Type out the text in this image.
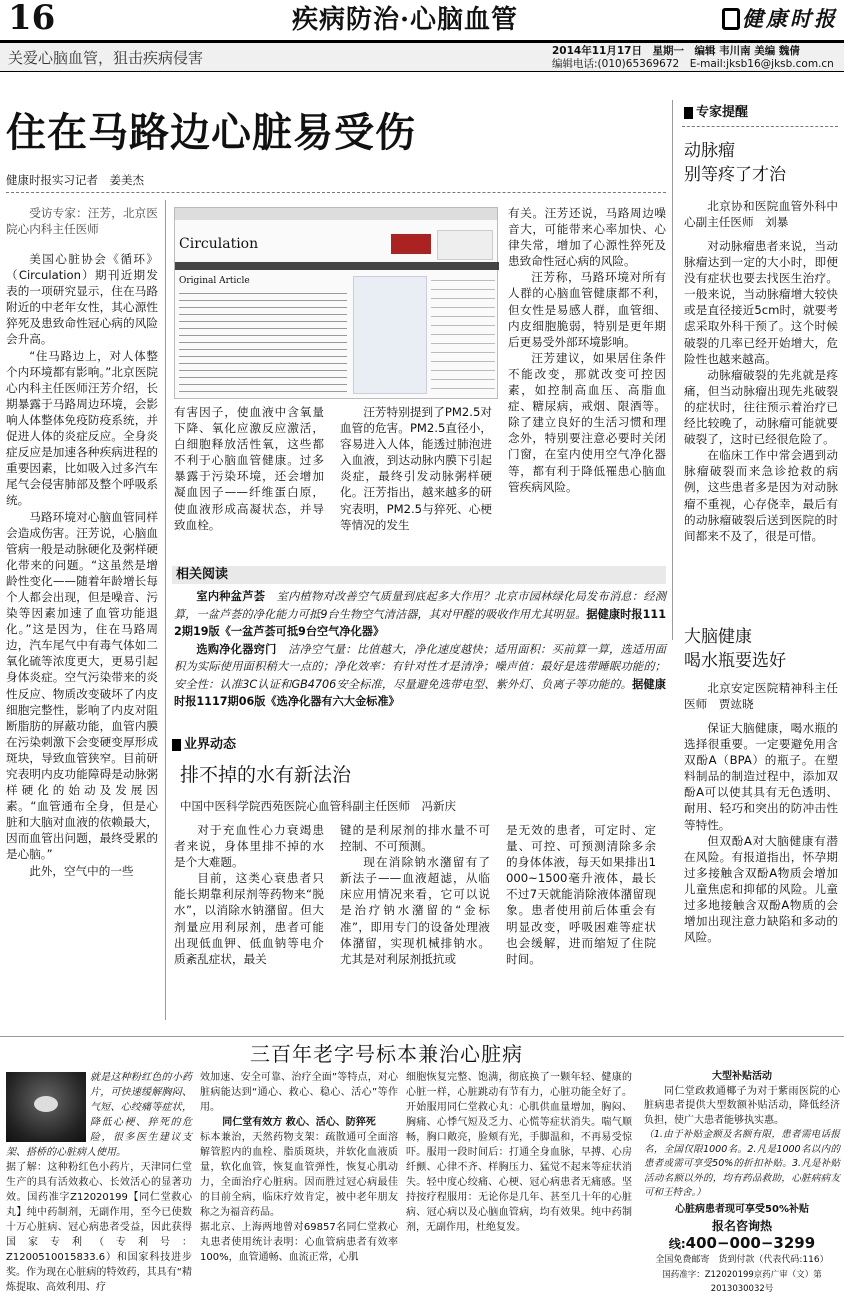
16	疾病防治·心脑血管	健康时报
关爱心脑血管，狙击疾病侵害	2014年11月17日　星期一　编辑 韦川南 美编 魏倩
编辑电话:(010)65369672　E-mail:jksb16@jksb.com.cn
住在马路边心脏易受伤
健康时报实习记者　姜美杰

受访专家：汪芳，北京医院心内科主任医师

美国心脏协会《循环》（Circulation）期刊近期发表的一项研究显示，住在马路附近的中老年女性，其心源性猝死及患致命性冠心病的风险会升高。

“住马路边上，对人体整个内环境都有影响。”北京医院心内科主任医师汪芳介绍，长期暴露于马路周边环境，会影响人体整体免疫防疫系统，并促进人体的炎症反应。全身炎症反应是加速各种疾病进程的重要因素，比如吸入过多汽车尾气会侵害肺部及整个呼吸系统。

马路环境对心脑血管同样会造成伤害。汪芳说，心脑血管病一般是动脉硬化及粥样硬化带来的问题。“这虽然是增龄性变化——随着年龄增长每个人都会出现，但是噪音、污染等因素加速了血管功能退化。”这是因为，住在马路周边，汽车尾气中有毒气体如二氧化硫等浓度更大，更易引起身体炎症。空气污染带来的炎性反应、物质改变破坏了内皮细胞完整性，影响了内皮对阻断脂肪的屏蔽功能，血管内膜在污染刺激下会变硬变厚形成斑块，导致血管狭窄。目前研究表明内皮功能障碍是动脉粥样硬化的始动及发展因素。“血管通布全身，但是心脏和大脑对血液的依赖最大，因而血管出问题，最终受累的是心脑。”

此外，空气中的一些

Circulation
Original Article

有害因子，使血液中含氧量下降、氧化应激反应激活，白细胞释放活性氧，这些都不利于心脑血管健康。过多暴露于污染环境，还会增加凝血因子——纤维蛋白原，使血液形成高凝状态，并导致血栓。

汪芳特别提到了PM2.5对血管的危害。PM2.5直径小，容易进入人体，能透过肺泡进入血液，到达动脉内膜下引起炎症，最终引发动脉粥样硬化。汪芳指出，越来越多的研究表明，PM2.5与猝死、心梗等情况的发生

有关。汪芳还说，马路周边噪音大，可能带来心率加快、心律失常，增加了心源性猝死及患致命性冠心病的风险。

汪芳称，马路环境对所有人群的心脑血管健康都不利，但女性是易感人群，血管细、内皮细胞脆弱，特别是更年期后更易受外部环境影响。

汪芳建议，如果居住条件不能改变，那就改变可控因素，如控制高血压、高脂血症、糖尿病，戒烟、限酒等。除了建立良好的生活习惯和理念外，特别要注意必要时关闭门窗，在室内使用空气净化器等，都有利于降低罹患心脑血管疾病风险。

相关阅读

室内种盆芦荟　 室内植物对改善空气质量到底起多大作用？北京市园林绿化局发布消息：经测算，一盆芦荟的净化能力可抵9台生物空气清洁器，其对甲醛的吸收作用尤其明显。据健康时报1112期19版《一盆芦荟可抵9台空气净化器》

选购净化器窍门　 洁净空气量：比值越大，净化速度越快；适用面积：买前算一算，选适用面积为实际使用面积稍大一点的；净化效率：有针对性才是清净；噪声值：最好是选带睡眠功能的；安全性：认准3C认证和GB4706安全标准，尽量避免选带电型、紫外灯、负离子等功能的。据健康时报1117期06版《选净化器有六大金标准》

业界动态
排不掉的水有新法治
中国中医科学院西苑医院心血管科副主任医师　冯新庆

对于充血性心力衰竭患者来说，身体里排不掉的水是个大难题。

目前，这类心衰患者只能长期靠利尿剂等药物来“脱水”，以消除水钠潴留。但大剂量应用利尿剂，患者可能出现低血钾、低血钠等电介质紊乱症状，最关

键的是利尿剂的排水量不可控制、不可预测。

现在消除钠水潴留有了新法子——血液超滤，从临床应用情况来看，它可以说是治疗钠水潴留的“金标准”，即用专门的设备处理液体潴留，实现机械排钠水。尤其是对利尿剂抵抗或

是无效的患者，可定时、定量、可控、可预测清除多余的身体体液，每天如果排出1000~1500毫升液体，最长不过7天就能消除液体潴留现象。患者使用前后体重会有明显改变，呼吸困难等症状也会缓解，进而缩短了住院时间。

专家提醒
动脉瘤
别等疼了才治

北京协和医院血管外科中心副主任医师　刘暴

对动脉瘤患者来说，当动脉瘤达到一定的大小时，即便没有症状也要去找医生治疗。一般来说，当动脉瘤增大较快或是直径接近5cm时，就要考虑采取外科干预了。这个时候破裂的几率已经开始增大，危险性也越来越高。

动脉瘤破裂的先兆就是疼痛，但当动脉瘤出现先兆破裂的症状时，往往预示着治疗已经比较晚了，动脉瘤可能就要破裂了，这时已经很危险了。

在临床工作中常会遇到动脉瘤破裂而来急诊抢救的病例，这些患者多是因为对动脉瘤不重视，心存侥幸，最后有的动脉瘤破裂后送到医院的时间都来不及了，很是可惜。

大脑健康
喝水瓶要选好

北京安定医院精神科主任医师　贾竑晓

保证大脑健康，喝水瓶的选择很重要。一定要避免用含双酚A（BPA）的瓶子。在塑料制品的制造过程中，添加双酚A可以使其具有无色透明、耐用、轻巧和突出的防冲击性等特性。

但双酚A对大脑健康有潜在风险。有报道指出，怀孕期过多接触含双酚A物质会增加儿童焦虑和抑郁的风险。儿童过多地接触含双酚A物质的会增加出现注意力缺陷和多动的风险。

三百年老字号标本兼治心脏病
就是这种粉红色的小药片，可快速缓解胸闷、气短、心绞痛等症状，降低心梗、猝死的危险，很多医生建议支架、搭桥的心脏病人使用。
据了解：这种粉红色小药片，天津同仁堂生产的具有活效救心、长效活心的显著功效。国药准字Z12020199【同仁堂救心丸】纯中药制剂，无副作用，至今已使数十万心脏病、冠心病患者受益，因此获得国家专利（专利号：Z1200510015833.6）和国家科技进步奖。作为现在心脏病的特效药，其具有“精炼提取、高效利用、疗
效加速、安全可靠、治疗全面”等特点，对心脏病能达到“通心、救心、稳心、活心”等作用。
同仁堂有效方 救心、活心、防猝死
标本兼治，天然药物支架：疏散通可全面溶解管腔内的血栓、脂质斑块，并软化血液质量，软化血管，恢复血管弹性，恢复心肌动力，全面治疗心脏病。因而胜过冠心病最佳的目前全病，临床疗效肯定，被中老年朋友称之为福音药品。
据北京、上海两地曾对69857名同仁堂救心丸患者使用统计表明：心血管病患者有效率100%，血管通畅、血流正常，心肌
细胞恢复完整、饱满，彻底换了一颗年轻、健康的心脏一样，心脏跳动有节有力，心脏功能全好了。开始服用同仁堂救心丸：心肌供血量增加，胸闷、胸痛、心悸气短及乏力、心慌等症状消失。喘气顺畅，胸口敞亮，脸颊有光，手脚温和，不再易受惊吓。服用一段时间后：打通全身血脉，早搏、心房纤颤、心律不齐、样胸压力、猛觉不起来等症状消失。轻中度心绞痛、心梗、冠心病患者无痛感。坚持按疗程服用：无论你是几年、甚至几十年的心脏病、冠心病以及心脑血管病，均有效果。纯中药制剂，无副作用，杜绝复发。
大型补贴活动
同仁堂政救通椰子为对于紫雨医院的心脏病患者提供大型数额补贴活动，降低经济负担，使广大患者能够执实惠。
（1.由于补贴金额及名额有限，患者需电话报名，全国仅限1000名。2.凡是1000名以内的患者或需可享受50%的折扣补贴。3.凡是补贴活动名额以外的，均有药品救助，心脏病病友可和王特舍。）
心脏病患者现可享受50%补贴
报名咨询热线:400−000−3299
全国免费邮寄　货到付款（代表代码:116）
国药准字：Z12020199京药广审（文）第2013030032号
